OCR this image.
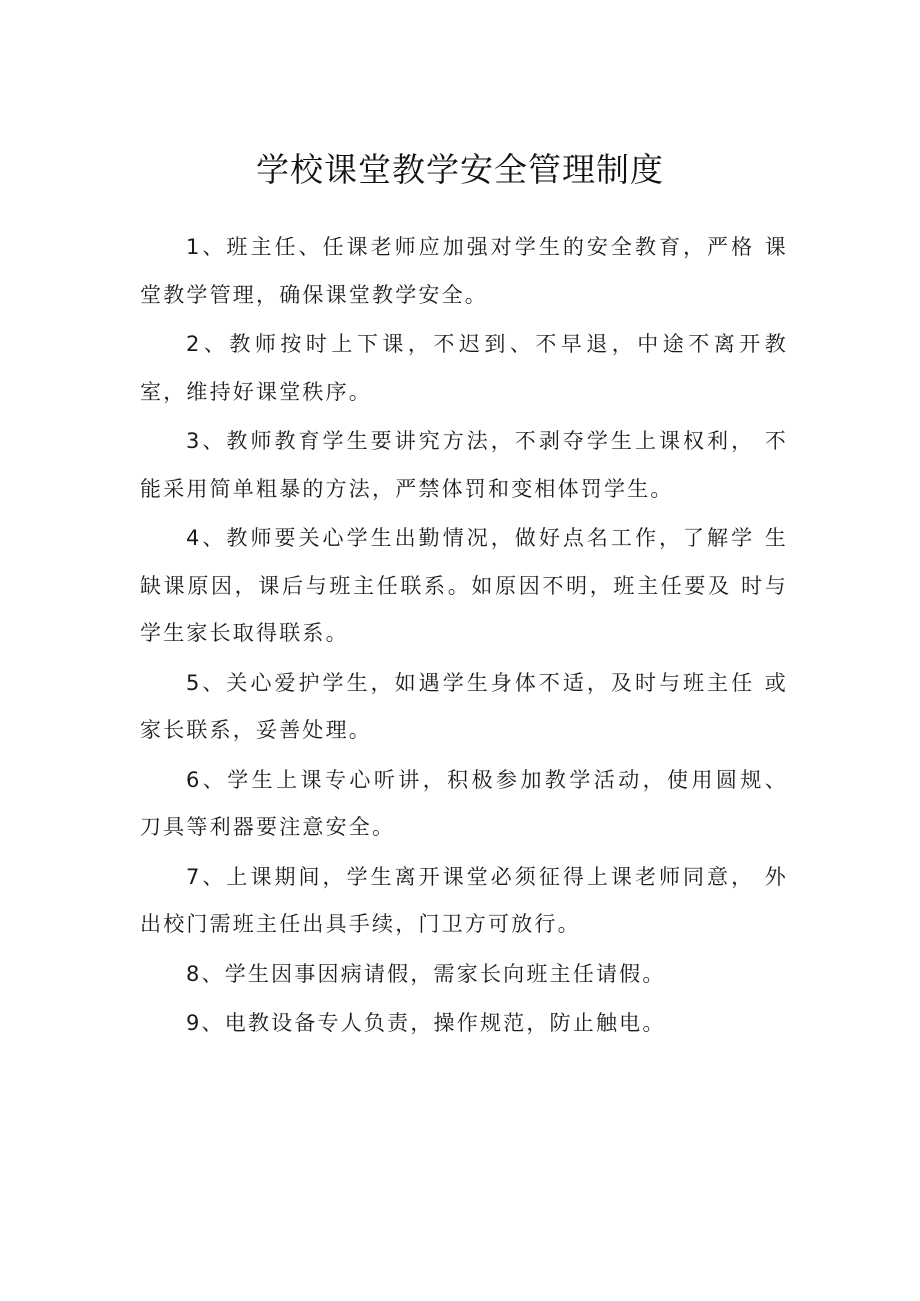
学校课堂教学安全管理制度

1、班主任、任课老师应加强对学生的安全教育，严格 课堂教学管理，确保课堂教学安全。

2、教师按时上下课，不迟到、不早退，中途不离开教 室，维持好课堂秩序。

3、教师教育学生要讲究方法，不剥夺学生上课权利， 不能采用简单粗暴的方法，严禁体罚和变相体罚学生。

4、教师要关心学生出勤情况，做好点名工作，了解学 生缺课原因，课后与班主任联系。如原因不明，班主任要及 时与学生家长取得联系。

5、关心爱护学生，如遇学生身体不适，及时与班主任 或家长联系，妥善处理。

6、学生上课专心听讲，积极参加教学活动，使用圆规、 刀具等利器要注意安全。

7、上课期间，学生离开课堂必须征得上课老师同意， 外出校门需班主任出具手续，门卫方可放行。

8、学生因事因病请假，需家长向班主任请假。

9、电教设备专人负责，操作规范，防止触电。
